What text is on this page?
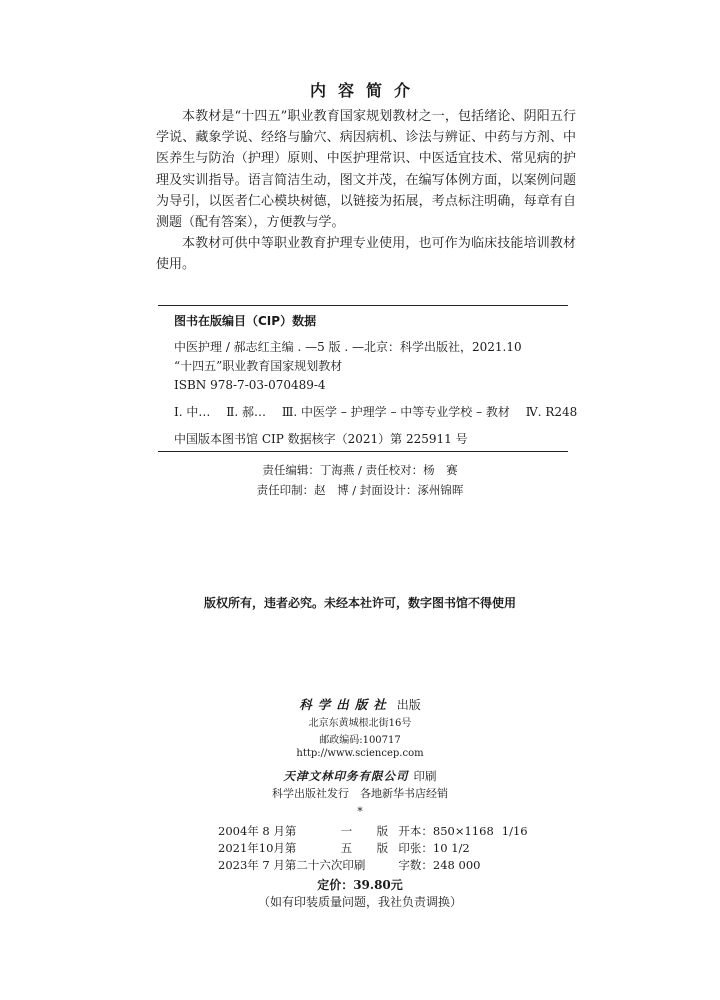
内容简介

本教材是“十四五”职业教育国家规划教材之一，包括绪论、阴阳五行学说、藏象学说、经络与腧穴、病因病机、诊法与辨证、中药与方剂、中医养生与防治（护理）原则、中医护理常识、中医适宜技术、常见病的护理及实训指导。语言简洁生动，图文并茂，在编写体例方面，以案例问题为导引，以医者仁心模块树德，以链接为拓展，考点标注明确，每章有自测题（配有答案），方便教与学。

本教材可供中等职业教育护理专业使用，也可作为临床技能培训教材使用。

图书在版编目（CIP）数据
中医护理 / 郝志红主编 . —5 版 . —北京：科学出版社，2021.10
“十四五”职业教育国家规划教材
ISBN 978-7-03-070489-4
Ⅰ. 中… Ⅱ. 郝… Ⅲ. 中医学 – 护理学 – 中等专业学校 – 教材 Ⅳ. R248
中国版本图书馆 CIP 数据核字（2021）第 225911 号
责任编辑：丁海燕 / 责任校对：杨　赛
责任印制：赵　博 / 封面设计：涿州锦晖
版权所有，违者必究。未经本社许可，数字图书馆不得使用
科学出版社 出版
北京东黄城根北街16号
邮政编码:100717
http://www.sciencep.com
天津文林印务有限公司 印刷
科学出版社发行　各地新华书店经销
*
2004年 8 月第		一	版	开本：850×1168	1/16
2021年10月第		五	版	印张：10 1/2	
2023年 7 月第二十六次印刷				字数：248 000	
定价：39.80元
（如有印装质量问题，我社负责调换）
